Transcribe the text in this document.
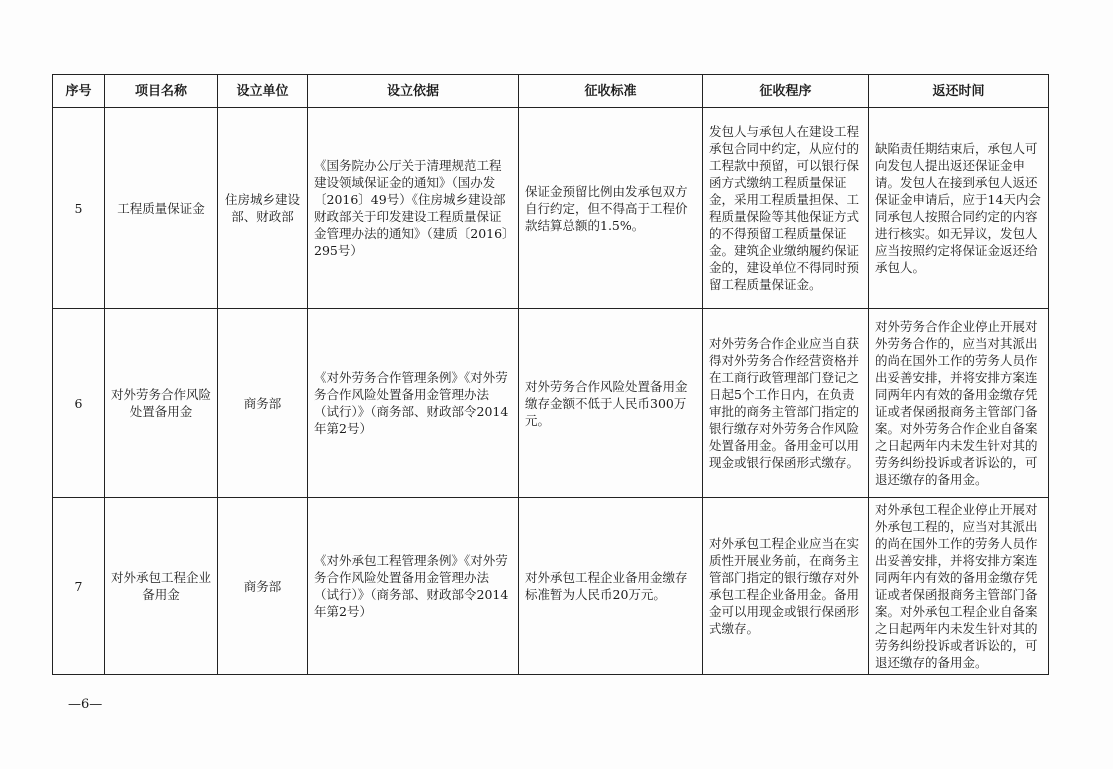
序号	项目名称	设立单位	设立依据	征收标准	征收程序	返还时间
5	工程质量保证金	住房城乡建设部、财政部	《国务院办公厅关于清理规范工程建设领域保证金的通知》（国办发〔2016〕49号）《住房城乡建设部财政部关于印发建设工程质量保证金管理办法的通知》（建质〔2016〕295号）	保证金预留比例由发承包双方自行约定，但不得高于工程价款结算总额的1.5%。	发包人与承包人在建设工程承包合同中约定，从应付的工程款中预留，可以银行保函方式缴纳工程质量保证金，采用工程质量担保、工程质量保险等其他保证方式的不得预留工程质量保证金。建筑企业缴纳履约保证金的，建设单位不得同时预留工程质量保证金。	缺陷责任期结束后，承包人可向发包人提出返还保证金申请。发包人在接到承包人返还保证金申请后，应于14天内会同承包人按照合同约定的内容进行核实。如无异议，发包人应当按照约定将保证金返还给承包人。
6	对外劳务合作风险处置备用金	商务部	《对外劳务合作管理条例》《对外劳务合作风险处置备用金管理办法（试行）》（商务部、财政部令2014年第2号）	对外劳务合作风险处置备用金缴存金额不低于人民币300万元。	对外劳务合作企业应当自获得对外劳务合作经营资格并在工商行政管理部门登记之日起5个工作日内，在负责审批的商务主管部门指定的银行缴存对外劳务合作风险处置备用金。备用金可以用现金或银行保函形式缴存。	对外劳务合作企业停止开展对外劳务合作的，应当对其派出的尚在国外工作的劳务人员作出妥善安排，并将安排方案连同两年内有效的备用金缴存凭证或者保函报商务主管部门备案。对外劳务合作企业自备案之日起两年内未发生针对其的劳务纠纷投诉或者诉讼的，可退还缴存的备用金。
7	对外承包工程企业备用金	商务部	《对外承包工程管理条例》《对外劳务合作风险处置备用金管理办法（试行）》（商务部、财政部令2014年第2号）	对外承包工程企业备用金缴存标准暂为人民币20万元。	对外承包工程企业应当在实质性开展业务前，在商务主管部门指定的银行缴存对外承包工程企业备用金。备用金可以用现金或银行保函形式缴存。	对外承包工程企业停止开展对外承包工程的，应当对其派出的尚在国外工作的劳务人员作出妥善安排，并将安排方案连同两年内有效的备用金缴存凭证或者保函报商务主管部门备案。对外承包工程企业自备案之日起两年内未发生针对其的劳务纠纷投诉或者诉讼的，可退还缴存的备用金。
—6—
